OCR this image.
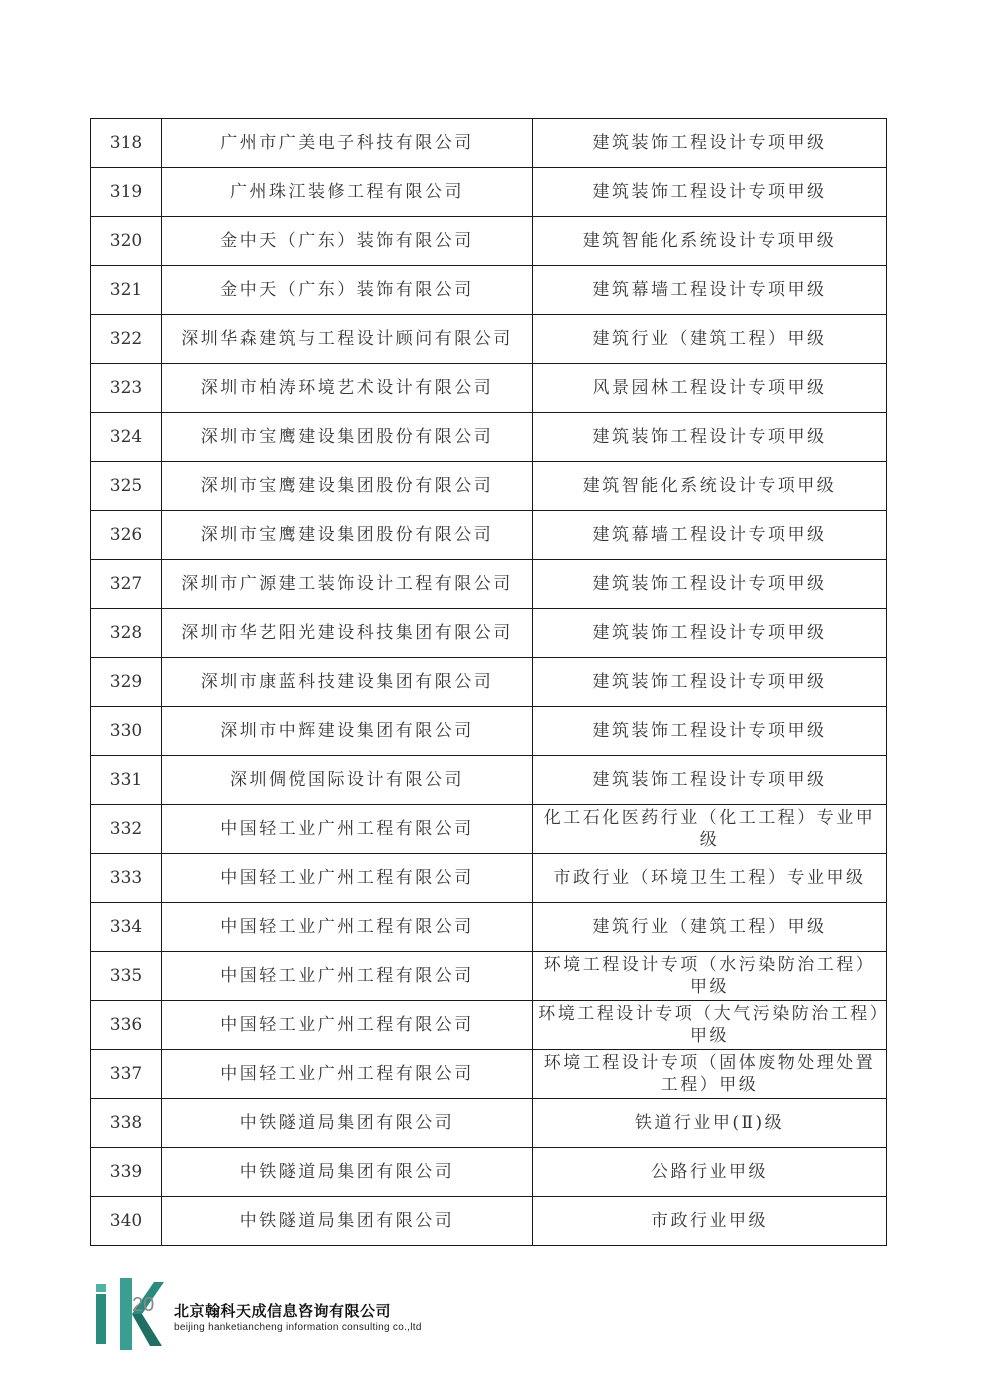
318	广州市广美电子科技有限公司	建筑装饰工程设计专项甲级
319	广州珠江装修工程有限公司	建筑装饰工程设计专项甲级
320	金中天（广东）装饰有限公司	建筑智能化系统设计专项甲级
321	金中天（广东）装饰有限公司	建筑幕墙工程设计专项甲级
322	深圳华森建筑与工程设计顾问有限公司	建筑行业（建筑工程）甲级
323	深圳市柏涛环境艺术设计有限公司	风景园林工程设计专项甲级
324	深圳市宝鹰建设集团股份有限公司	建筑装饰工程设计专项甲级
325	深圳市宝鹰建设集团股份有限公司	建筑智能化系统设计专项甲级
326	深圳市宝鹰建设集团股份有限公司	建筑幕墙工程设计专项甲级
327	深圳市广源建工装饰设计工程有限公司	建筑装饰工程设计专项甲级
328	深圳市华艺阳光建设科技集团有限公司	建筑装饰工程设计专项甲级
329	深圳市康蓝科技建设集团有限公司	建筑装饰工程设计专项甲级
330	深圳市中辉建设集团有限公司	建筑装饰工程设计专项甲级
331	深圳倜傥国际设计有限公司	建筑装饰工程设计专项甲级
332	中国轻工业广州工程有限公司	化工石化医药行业（化工工程）专业甲级
333	中国轻工业广州工程有限公司	市政行业（环境卫生工程）专业甲级
334	中国轻工业广州工程有限公司	建筑行业（建筑工程）甲级
335	中国轻工业广州工程有限公司	环境工程设计专项（水污染防治工程）甲级
336	中国轻工业广州工程有限公司	环境工程设计专项（大气污染防治工程）甲级
337	中国轻工业广州工程有限公司	环境工程设计专项（固体废物处理处置工程）甲级
338	中铁隧道局集团有限公司	铁道行业甲(Ⅱ)级
339	中铁隧道局集团有限公司	公路行业甲级
340	中铁隧道局集团有限公司	市政行业甲级
20 北京翰科天成信息咨询有限公司
beijing hanketiancheng information consulting co.,ltd
